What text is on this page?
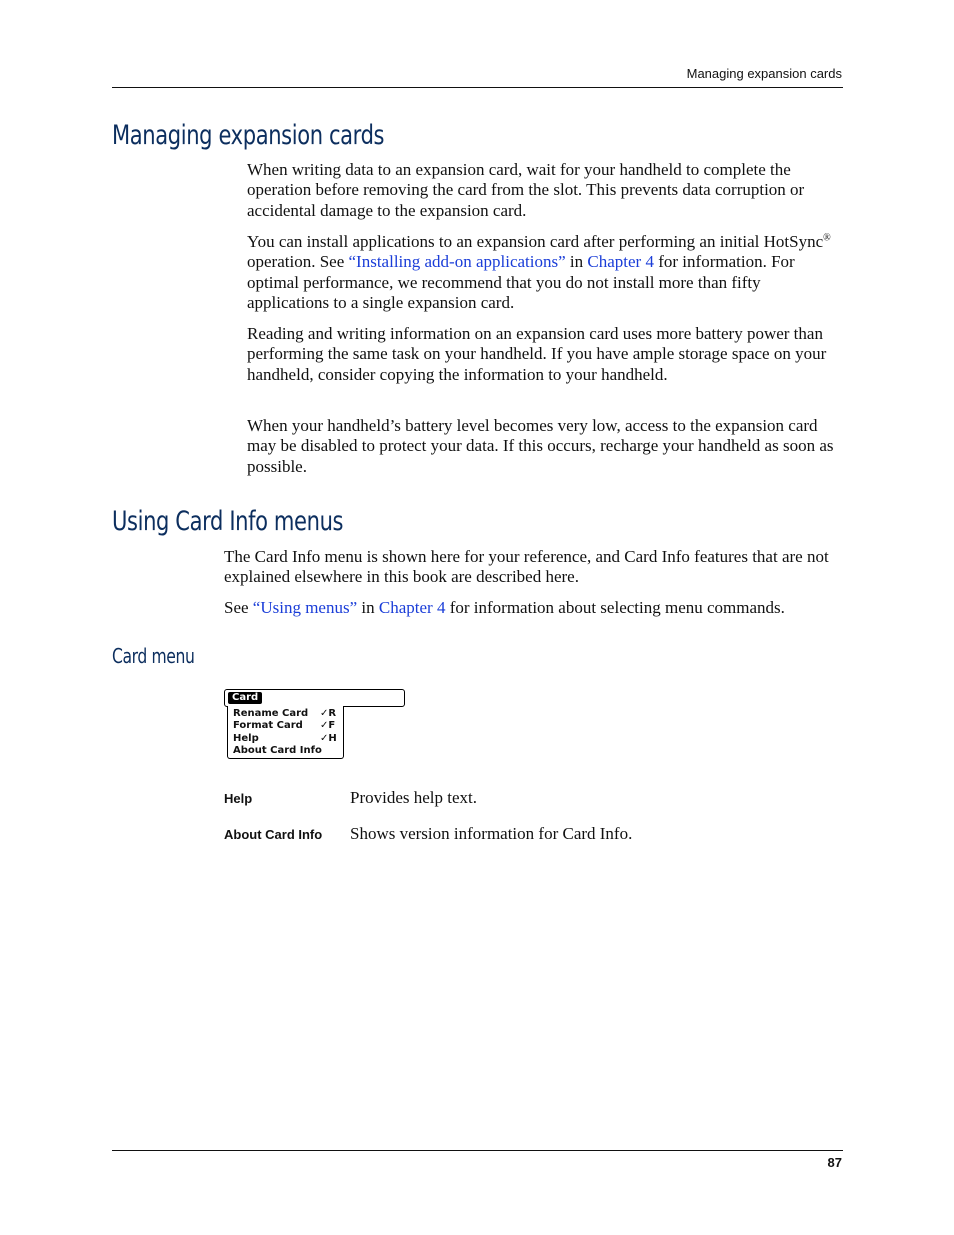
Managing expansion cards
Managing expansion cards

When writing data to an expansion card, wait for your handheld to complete the operation before removing the card from the slot. This prevents data corruption or accidental damage to the expansion card.

You can install applications to an expansion card after performing an initial HotSync® operation. See “Installing add-on applications” in Chapter 4 for information. For optimal performance, we recommend that you do not install more than fifty applications to a single expansion card.

Reading and writing information on an expansion card uses more battery power than performing the same task on your handheld. If you have ample storage space on your handheld, consider copying the information to your handheld.

When your handheld’s battery level becomes very low, access to the expansion card may be disabled to protect your data. If this occurs, recharge your handheld as soon as possible.

Using Card Info menus

The Card Info menu is shown here for your reference, and Card Info features that are not explained elsewhere in this book are described here.

See “Using menus” in Chapter 4 for information about selecting menu commands.

Card menu
Card
Rename Card ✓R
Format Card ✓F
Help	✓H
About Card Info
Help	Provides help text.
About Card Info Shows version information for Card Info.
87
